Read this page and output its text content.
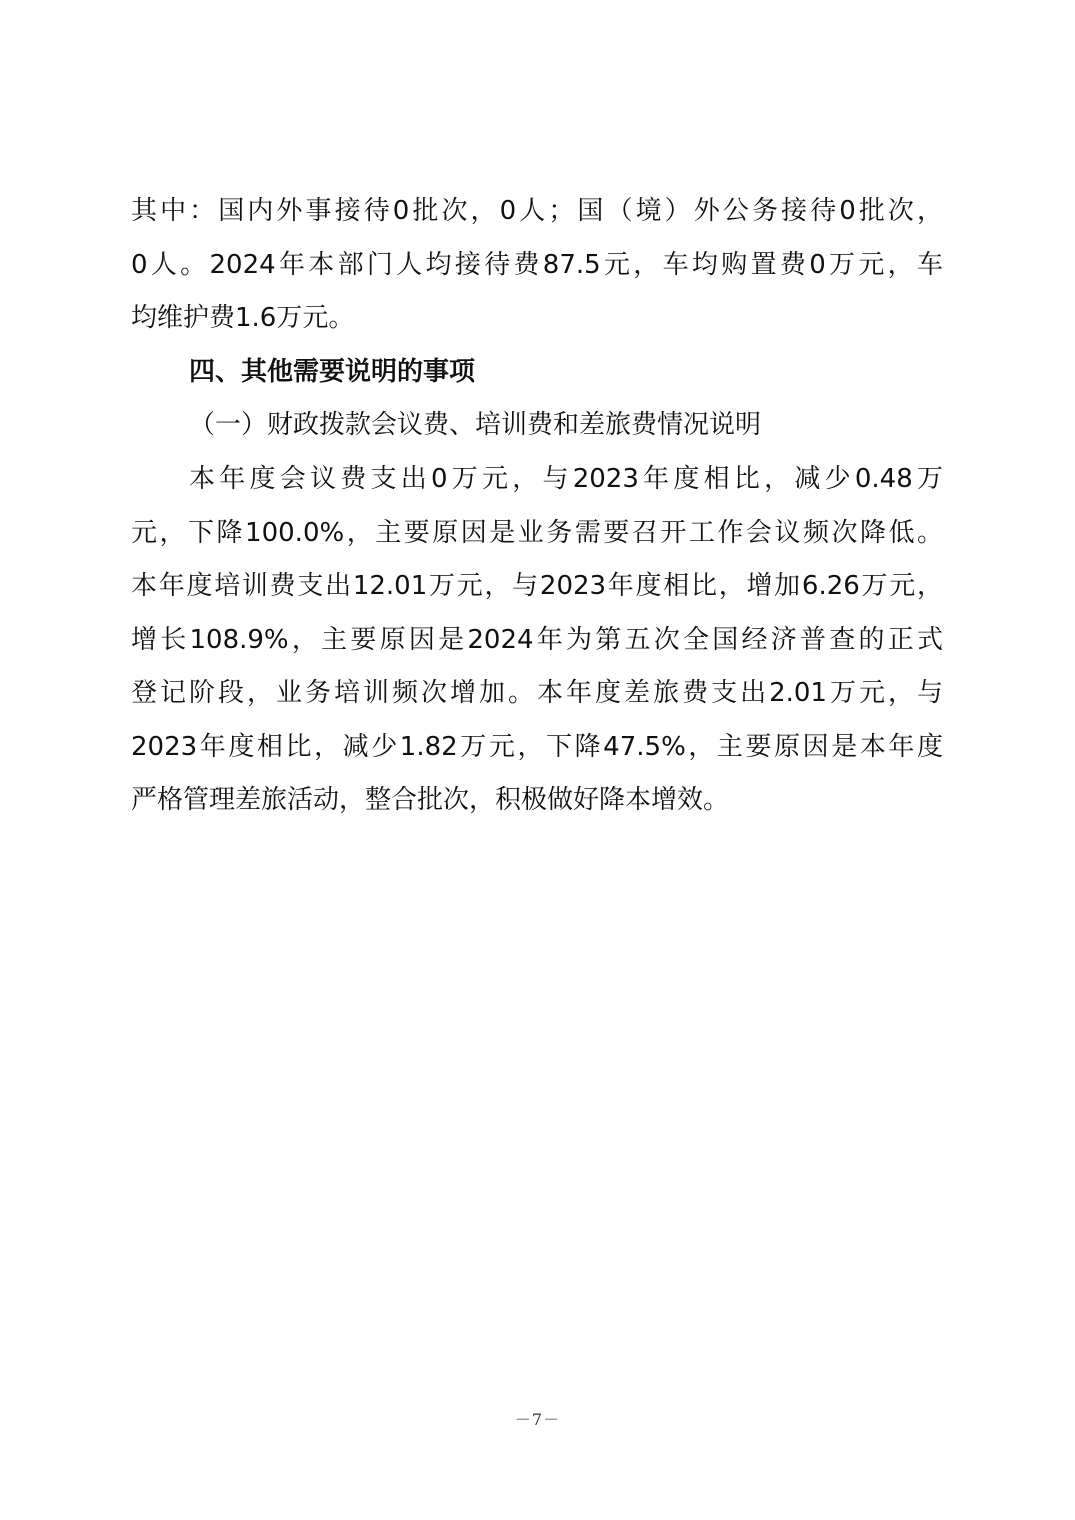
其中：国内外事接待0批次，0人；国（境）外公务接待0批次，
0人。2024年本部门人均接待费87.5元，车均购置费0万元，车
均维护费1.6万元。
四、其他需要说明的事项
（一）财政拨款会议费、培训费和差旅费情况说明
本年度会议费支出0万元，与2023年度相比，减少0.48万
元，下降100.0%，主要原因是业务需要召开工作会议频次降低。
本年度培训费支出12.01万元，与2023年度相比，增加6.26万元，
增长108.9%，主要原因是2024年为第五次全国经济普查的正式
登记阶段，业务培训频次增加。本年度差旅费支出2.01万元，与
2023年度相比，减少1.82万元，下降47.5%，主要原因是本年度
严格管理差旅活动，整合批次，积极做好降本增效。
－7－
